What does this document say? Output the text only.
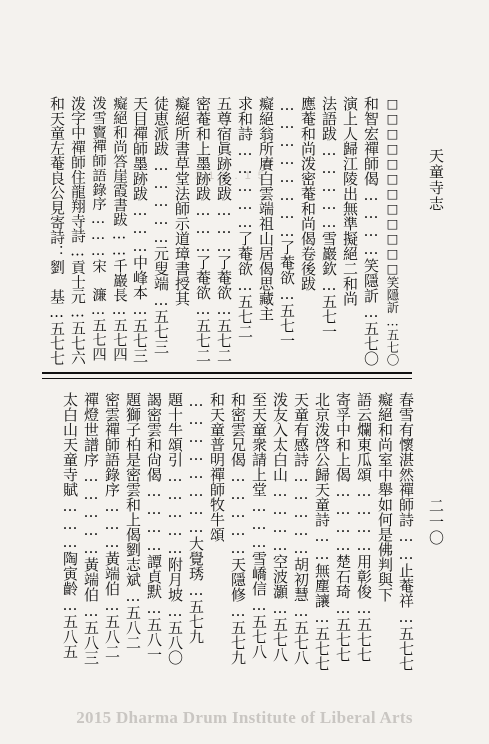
天童寺志
二一〇
2 1 0 . 1 5	□□□□□□□□□□□□笑隱訢…五七〇
和智宏禪師偈…………笑隱訢…五七〇
演上人歸江陵出無準擬絕二和尚
法語跋……………雪巖欽…五七一
應菴和尚泼密菴和尚偈卷後跋
……………………了菴欲…五七一
癡絕翁所賡白雲端祖山居偈思藏主
求和詩……………了菴欲…五七二
五尊宿眞跡後跋………了菴欲…五七二
密菴和上墨跡跋………了菴欲…五七二
癡絕所書草堂法師示道璋書授其
徒恵派跋……………元叟端…五七三
天目禪師墨跡跋………中峰本…五七三
癡絕和尚答崖霞書跋……千巖長…五七四
泼雪竇禪師語錄序………宋　濂…五七四
泼字中禪師住龍翔寺詩…貢士元…五七六
和天童左菴良公見寄詩：劉　基…五七七
春雪有懷湛然禪師詩……止菴祥…五七七
癡絕和尚室中舉如何是佛判與下
語云爛東瓜頌…………用彰俊…五七七
寄孚中和上偈…………楚石琦…五七七
北京泼啓公歸天童詩……無塵讓…五七七
天童有感詩……………胡初慧…五七八
泼友入太白山…………空波灝…五七八
至天童衆請上堂………雪嶠信…五七八
和密雲兄偈……………天隱修…五七九
和天童普明禪師牧牛頌
……………………大覺琇…五七九
題十牛頌引……………附月坡…五八〇
謁密雲和尙偈…………譚貞默…五八一
題獅子柏是密雲和上偈劉志斌…五八二
密雲禪師語錄序………黃端伯…五八二
禪燈世譜序……………黃端伯…五八三
太白山天童寺賦………陶寅齡…五八五
2015 Dharma Drum Institute of Liberal Arts
